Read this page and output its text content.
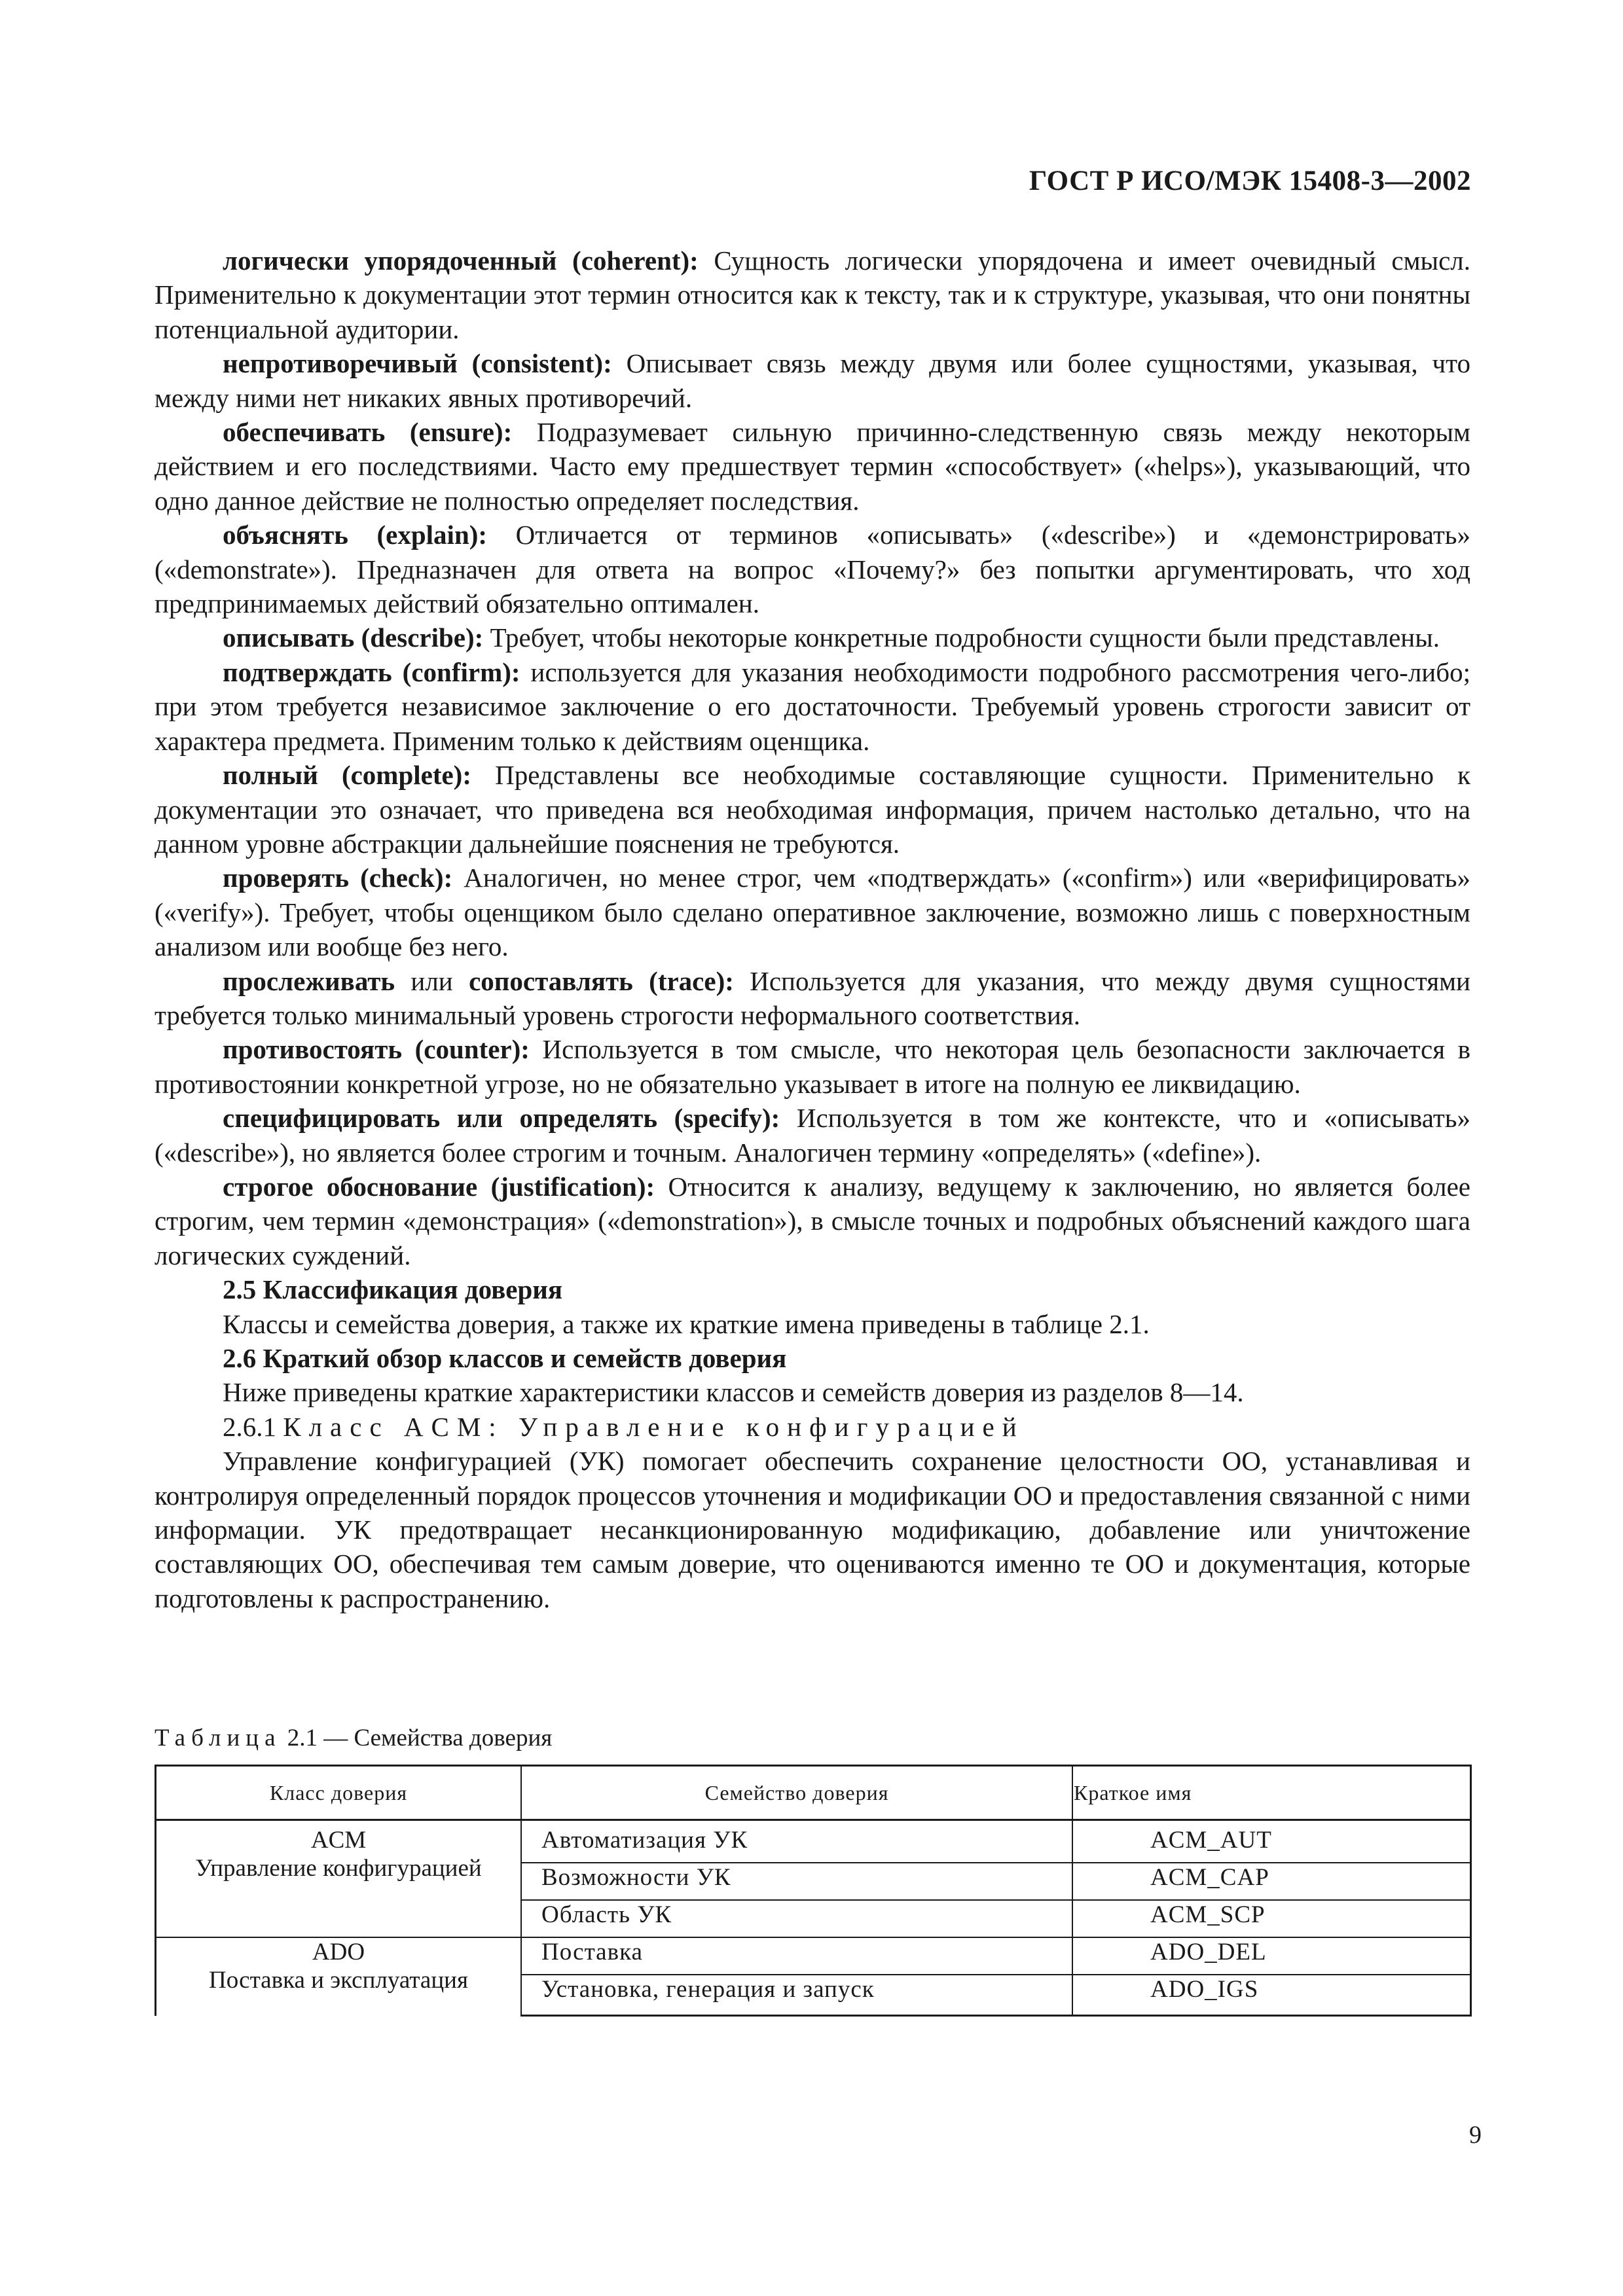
ГОСТ Р ИСО/МЭК 15408-3—2002

логически упорядоченный (coherent): Сущность логически упорядочена и имеет очевидный смысл. Применительно к документации этот термин относится как к тексту, так и к структуре, указывая, что они понятны потенциальной аудитории.

непротиворечивый (consistent): Описывает связь между двумя или более сущностями, указывая, что между ними нет никаких явных противоречий.

обеспечивать (ensure): Подразумевает сильную причинно-следственную связь между некоторым действием и его последствиями. Часто ему предшествует термин «способствует» («helps»), указывающий, что одно данное действие не полностью определяет последствия.

объяснять (explain): Отличается от терминов «описывать» («describe») и «демонстрировать» («demonstrate»). Предназначен для ответа на вопрос «Почему?» без попытки аргументировать, что ход предпринимаемых действий обязательно оптимален.

описывать (describe): Требует, чтобы некоторые конкретные подробности сущности были представлены.

подтверждать (confirm): используется для указания необходимости подробного рассмотрения чего-либо; при этом требуется независимое заключение о его достаточности. Требуемый уровень строгости зависит от характера предмета. Применим только к действиям оценщика.

полный (complete): Представлены все необходимые составляющие сущности. Применительно к документации это означает, что приведена вся необходимая информация, причем настолько детально, что на данном уровне абстракции дальнейшие пояснения не требуются.

проверять (check): Аналогичен, но менее строг, чем «подтверждать» («confirm») или «верифицировать» («verify»). Требует, чтобы оценщиком было сделано оперативное заключение, возможно лишь с поверхностным анализом или вообще без него.

прослеживать или сопоставлять (trace): Используется для указания, что между двумя сущностями требуется только минимальный уровень строгости неформального соответствия.

противостоять (counter): Используется в том смысле, что некоторая цель безопасности заключается в противостоянии конкретной угрозе, но не обязательно указывает в итоге на полную ее ликвидацию.

специфицировать или определять (specify): Используется в том же контексте, что и «описывать» («describe»), но является более строгим и точным. Аналогичен термину «определять» («define»).

строгое обоснование (justification): Относится к анализу, ведущему к заключению, но является более строгим, чем термин «демонстрация» («demonstration»), в смысле точных и подробных объяснений каждого шага логических суждений.

2.5 Классификация доверия

Классы и семейства доверия, а также их краткие имена приведены в таблице 2.1.

2.6 Краткий обзор классов и семейств доверия

Ниже приведены краткие характеристики классов и семейств доверия из разделов 8—14.

2.6.1 Класс ACM: Управление конфигурацией

Управление конфигурацией (УК) помогает обеспечить сохранение целостности ОО, устанавливая и контролируя определенный порядок процессов уточнения и модификации ОО и предоставления связанной с ними информации. УК предотвращает несанкционированную модификацию, добавление или уничтожение составляющих ОО, обеспечивая тем самым доверие, что оцениваются именно те ОО и документация, которые подготовлены к распространению.

Таблица 2.1 — Семейства доверия
Класс доверия	Семейство доверия	Краткое имя

ACM
Управление конфигурацией	Автоматизация УК	ACM_AUT
	Возможности УК	ACM_CAP
	Область УК	ACM_SCP

ADO
Поставка и эксплуатация	Поставка	ADO_DEL
	Установка, генерация и запуск	ADO_IGS
9
